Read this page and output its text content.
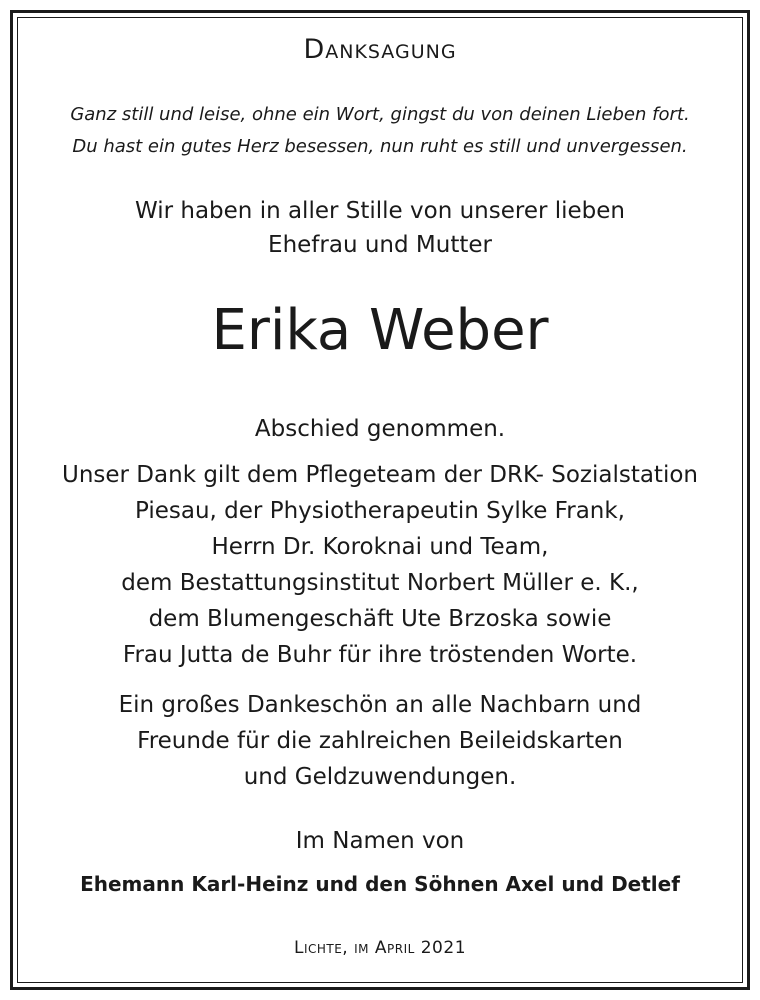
Danksagung
Ganz still und leise, ohne ein Wort, gingst du von deinen Lieben fort.
Du hast ein gutes Herz besessen, nun ruht es still und unvergessen.
Wir haben in aller Stille von unserer lieben
Ehefrau und Mutter
Erika Weber
Abschied genommen.
Unser Dank gilt dem Pflegeteam der DRK- Sozialstation
Piesau, der Physiotherapeutin Sylke Frank,
Herrn Dr. Koroknai und Team,
dem Bestattungsinstitut Norbert Müller e. K.,
dem Blumengeschäft Ute Brzoska sowie
Frau Jutta de Buhr für ihre tröstenden Worte.
Ein großes Dankeschön an alle Nachbarn und
Freunde für die zahlreichen Beileidskarten
und Geldzuwendungen.
Im Namen von
Ehemann Karl-Heinz und den Söhnen Axel und Detlef
Lichte, im April 2021
